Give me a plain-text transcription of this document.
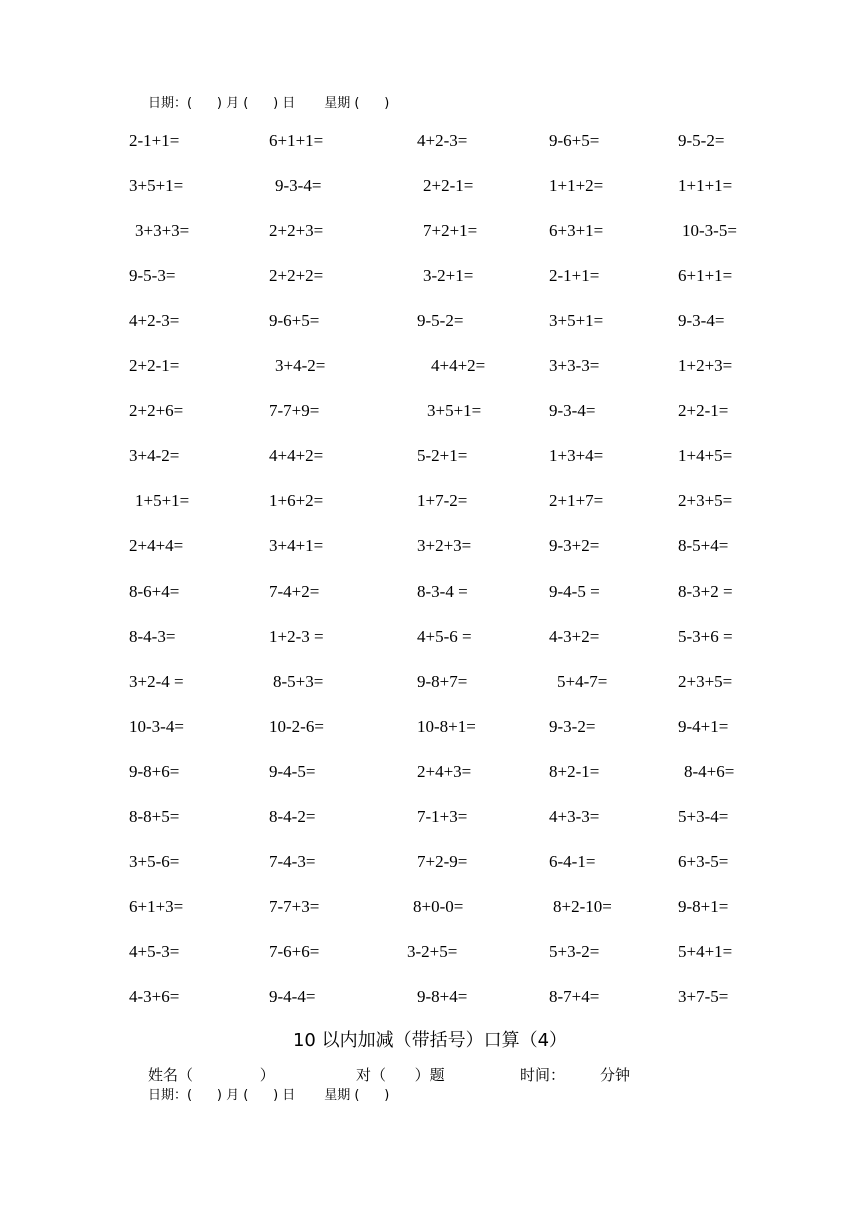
日期：(      ) 月 (      ) 日       星期 (      )
2-1+1=	6+1+1=	4+2-3=	9-6+5=	9-5-2=
3+5+1=	9-3-4=	2+2-1=	1+1+2=	1+1+1=
3+3+3=	2+2+3=	7+2+1=	6+3+1=	10-3-5=
9-5-3=	2+2+2=	3-2+1=	2-1+1=	6+1+1=
4+2-3=	9-6+5=	9-5-2=	3+5+1=	9-3-4=
2+2-1=	3+4-2=	4+4+2=	3+3-3=	1+2+3=
2+2+6=	7-7+9=	3+5+1=	9-3-4=	2+2-1=
3+4-2=	4+4+2=	5-2+1=	1+3+4=	1+4+5=
1+5+1=	1+6+2=	1+7-2=	2+1+7=	2+3+5=
2+4+4=	3+4+1=	3+2+3=	9-3+2=	8-5+4=
8-6+4=	7-4+2=	8-3-4 =	9-4-5 =	8-3+2 =
8-4-3=	1+2-3 =	4+5-6 =	4-3+2=	5-3+6 =
3+2-4 =	8-5+3=	9-8+7=	5+4-7=	2+3+5=
10-3-4=	10-2-6=	10-8+1=	9-3-2=	9-4+1=
9-8+6=	9-4-5=	2+4+3=	8+2-1=	8-4+6=
8-8+5=	8-4-2=	7-1+3=	4+3-3=	5+3-4=
3+5-6=	7-4-3=	7+2-9=	6-4-1=	6+3-5=
6+1+3=	7-7+3=	8+0-0=	8+2-10=	9-8+1=
4+5-3=	7-6+6=	3-2+5=	5+3-2=	5+4+1=
4-3+6=	9-4-4=	9-8+4=	8-7+4=	3+7-5=
10 以内加减（带括号）口算（4）
姓名（              ）	对（      ）题	时间： 分钟
日期：(      ) 月 (      ) 日       星期 (      )
